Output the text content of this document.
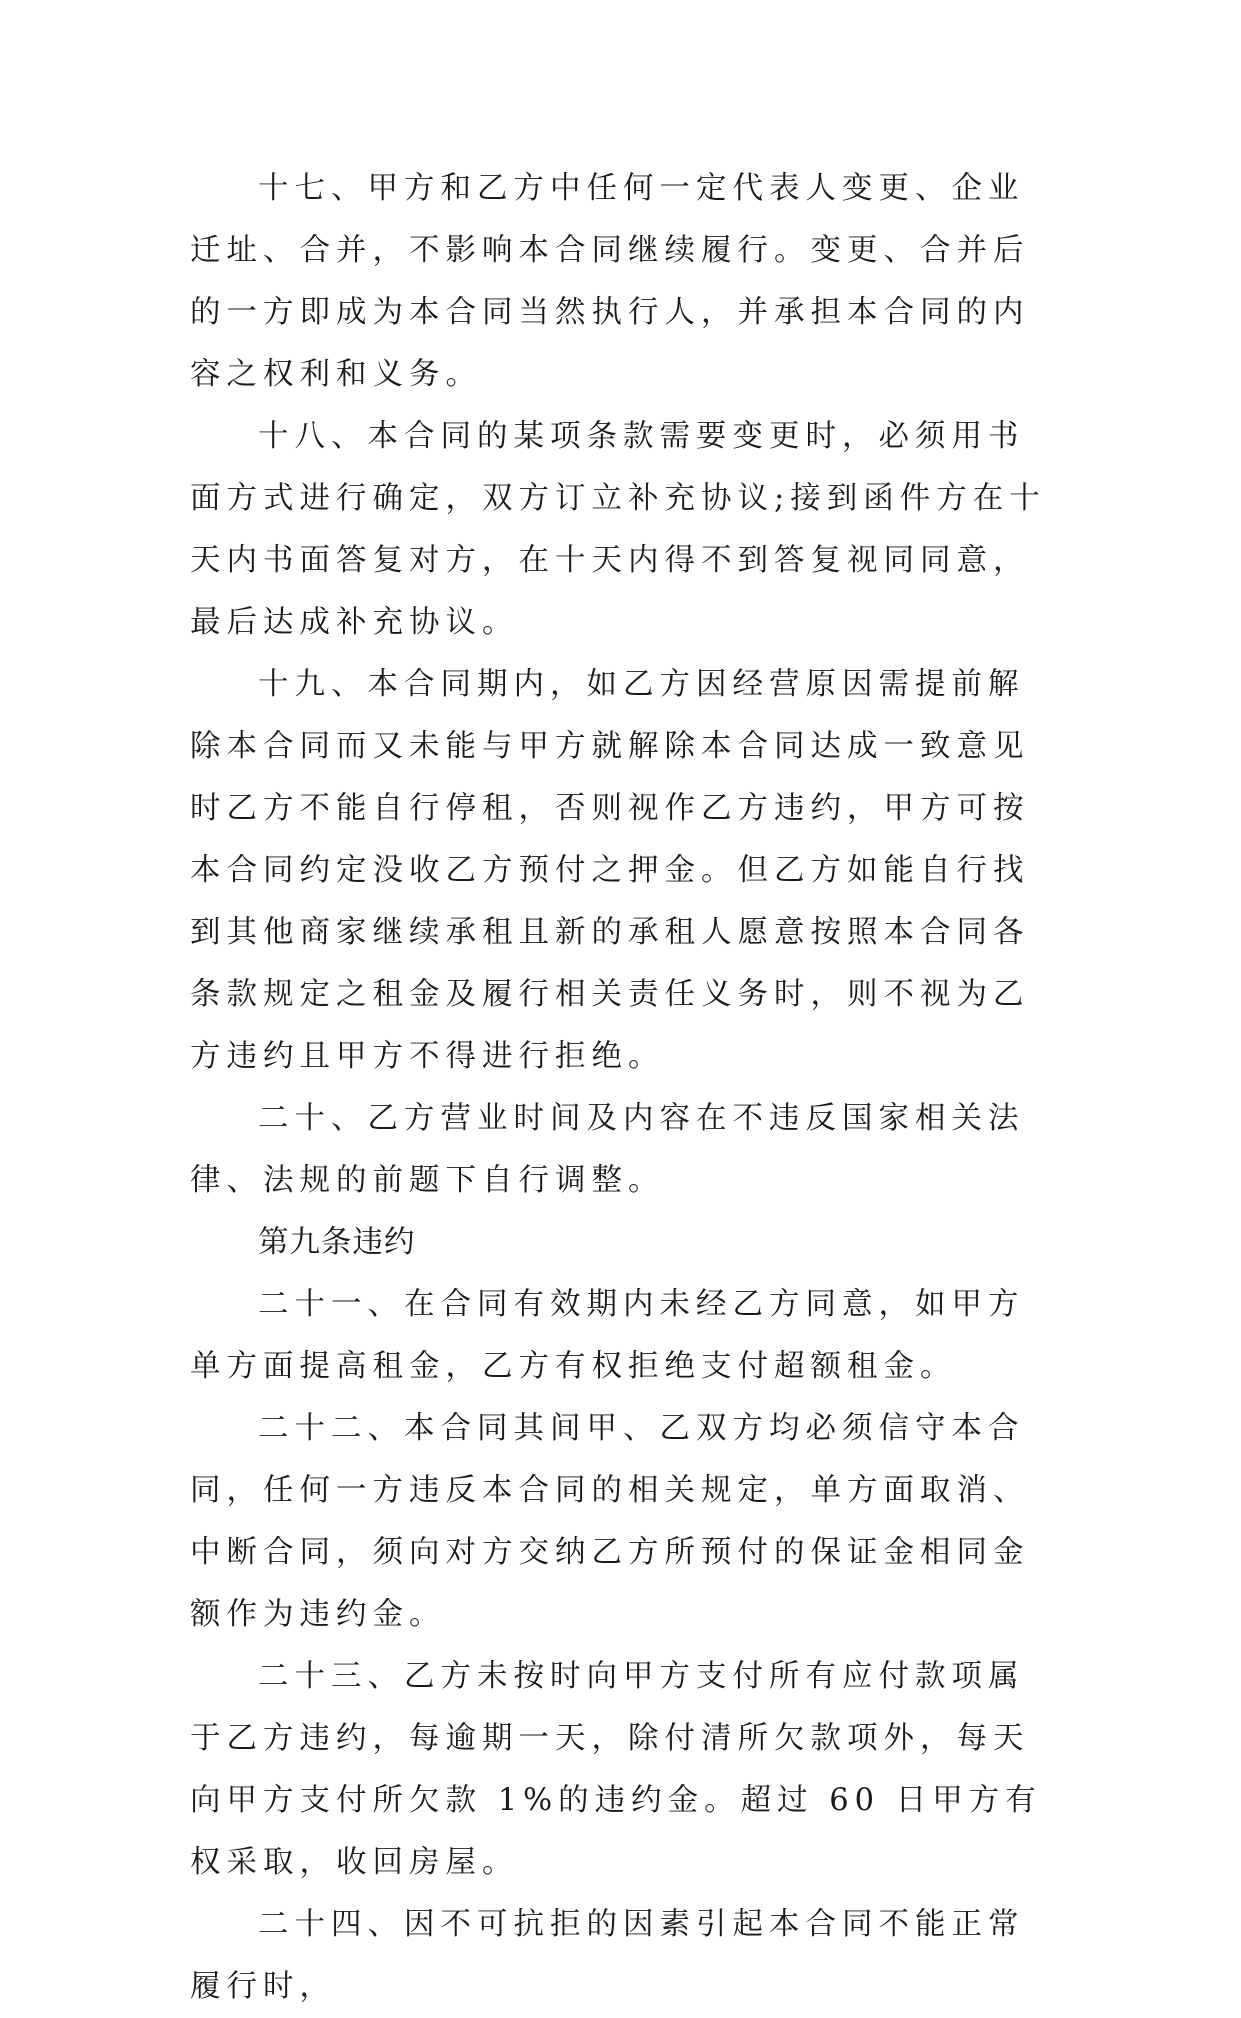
十七、甲方和乙方中任何一定代表人变更、企业迁址、合并，不影响本合同继续履行。变更、合并后的一方即成为本合同当然执行人，并承担本合同的内容之权利和义务。

十八、本合同的某项条款需要变更时，必须用书面方式进行确定，双方订立补充协议;接到函件方在十天内书面答复对方，在十天内得不到答复视同同意，最后达成补充协议。

十九、本合同期内，如乙方因经营原因需提前解除本合同而又未能与甲方就解除本合同达成一致意见时乙方不能自行停租，否则视作乙方违约，甲方可按本合同约定没收乙方预付之押金。但乙方如能自行找到其他商家继续承租且新的承租人愿意按照本合同各条款规定之租金及履行相关责任义务时，则不视为乙方违约且甲方不得进行拒绝。

二十、乙方营业时间及内容在不违反国家相关法律、法规的前题下自行调整。

第九条违约

二十一、在合同有效期内未经乙方同意，如甲方单方面提高租金，乙方有权拒绝支付超额租金。

二十二、本合同其间甲、乙双方均必须信守本合同，任何一方违反本合同的相关规定，单方面取消、中断合同，须向对方交纳乙方所预付的保证金相同金额作为违约金。

二十三、乙方未按时向甲方支付所有应付款项属于乙方违约，每逾期一天，除付清所欠款项外，每天向甲方支付所欠款 1%的违约金。超过 60 日甲方有权采取，收回房屋。

二十四、因不可抗拒的因素引起本合同不能正常履行时，
